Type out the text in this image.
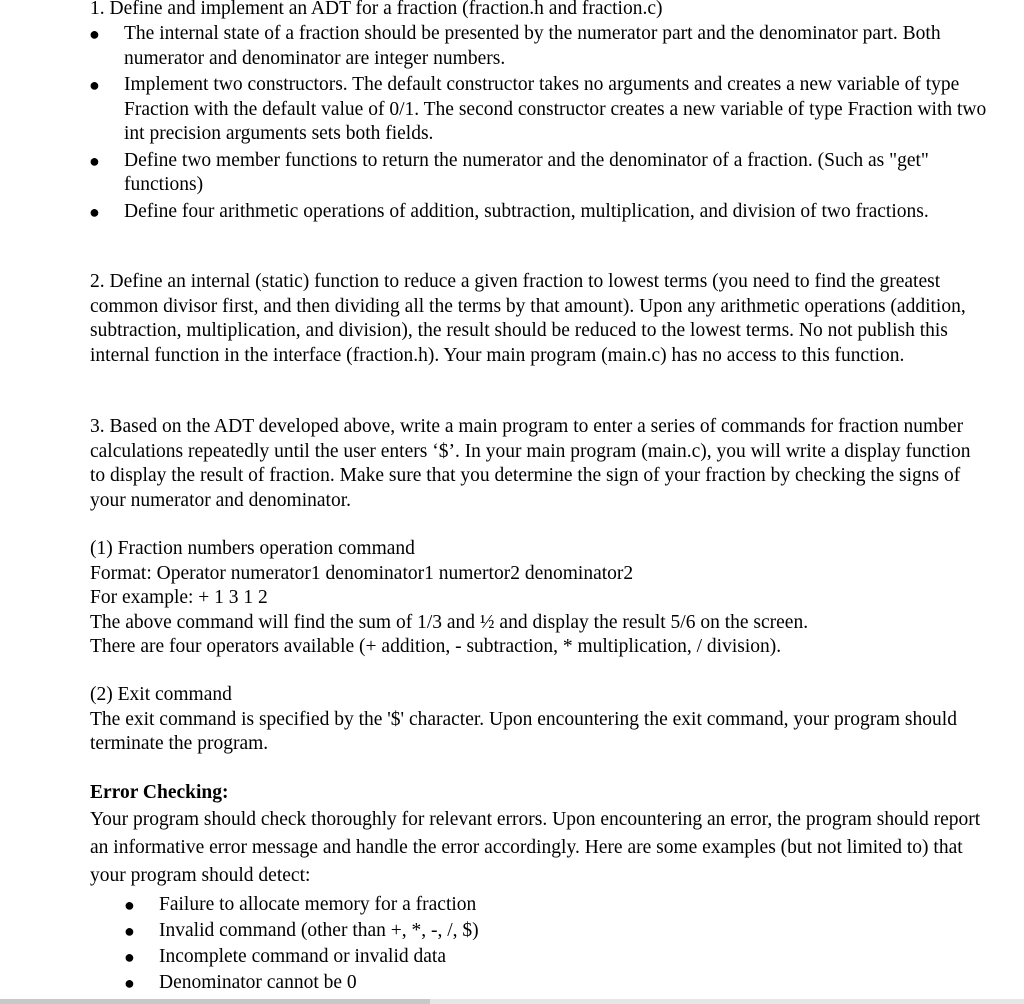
1. Define and implement an ADT for a fraction (fraction.h and fraction.c)

● The internal state of a fraction should be presented by the numerator part and the denominator part. Both numerator and denominator are integer numbers.
● Implement two constructors. The default constructor takes no arguments and creates a new variable of type Fraction with the default value of 0/1. The second constructor creates a new variable of type Fraction with two int precision arguments sets both fields.
● Define two member functions to return the numerator and the denominator of a fraction. (Such as "get" functions)
● Define four arithmetic operations of addition, subtraction, multiplication, and division of two fractions.

2. Define an internal (static) function to reduce a given fraction to lowest terms (you need to find the greatest common divisor first, and then dividing all the terms by that amount). Upon any arithmetic operations (addition, subtraction, multiplication, and division), the result should be reduced to the lowest terms. No not publish this internal function in the interface (fraction.h). Your main program (main.c) has no access to this function.

3. Based on the ADT developed above, write a main program to enter a series of commands for fraction number calculations repeatedly until the user enters ‘$’. In your main program (main.c), you will write a display function to display the result of fraction. Make sure that you determine the sign of your fraction by checking the signs of your numerator and denominator.

(1) Fraction numbers operation command
Format: Operator numerator1 denominator1 numertor2 denominator2
For example: + 1 3 1 2
The above command will find the sum of 1/3 and ½ and display the result 5/6 on the screen.
There are four operators available (+ addition, - subtraction, * multiplication, / division).
(2) Exit command
The exit command is specified by the '$' character. Upon encountering the exit command, your program should terminate the program.
Error Checking:
Your program should check thoroughly for relevant errors. Upon encountering an error, the program should report an informative error message and handle the error accordingly. Here are some examples (but not limited to) that your program should detect:
● Failure to allocate memory for a fraction
● Invalid command (other than +, *, -, /, $)
● Incomplete command or invalid data
● Denominator cannot be 0
